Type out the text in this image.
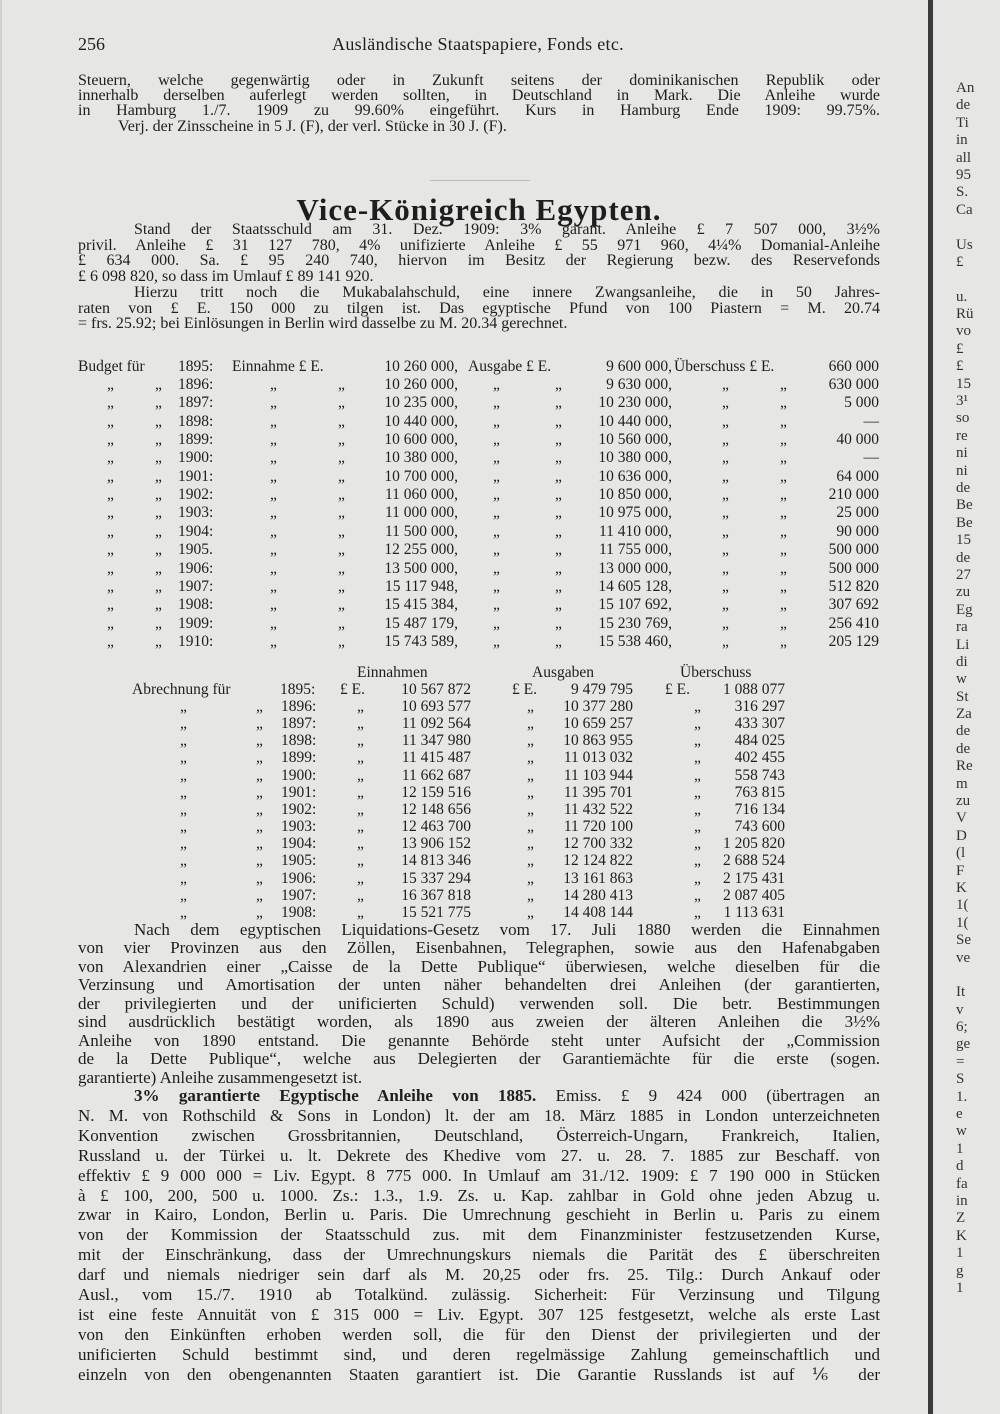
256	Ausländische Staatspapiere, Fonds etc.
Steuern, welche gegenwärtig oder in Zukunft seitens der dominikanischen Republik oder
innerhalb derselben auferlegt werden sollten, in Deutschland in Mark. Die Anleihe wurde
in Hamburg 1./7. 1909 zu 99.60% eingeführt. Kurs in Hamburg Ende 1909: 99.75%.
Verj. der Zinsscheine in 5 J. (F), der verl. Stücke in 30 J. (F).
Vice-Königreich Egypten.
Stand der Staatsschuld am 31. Dez. 1909: 3% garant. Anleihe £ 7 507 000, 3½%
privil. Anleihe £ 31 127 780, 4% unifizierte Anleihe £ 55 971 960, 4¼% Domanial-Anleihe
£ 634 000. Sa. £ 95 240 740, hiervon im Besitz der Regierung bezw. des Reservefonds
£ 6 098 820, so dass im Umlauf £ 89 141 920.
Hierzu tritt noch die Mukabalahschuld, eine innere Zwangsanleihe, die in 50 Jahres-
raten von £ E. 150 000 zu tilgen ist. Das egyptische Pfund von 100 Piastern = M. 20.74
= frs. 25.92; bei Einlösungen in Berlin wird dasselbe zu M. 20.34 gerechnet.
Budget für 1895: Einnahme £ E.	10 260 000, Ausgabe £ E.	9 600 000, Überschuss £ E.	660 000
„	„ 1896:	„	„	10 260 000, „	„	9 630 000,	„	„	630 000
„	„ 1897:	„	„	10 235 000, „	„ 10 230 000,	„	„	5 000
„	„ 1898:	„	„	10 440 000, „	„ 10 440 000,	„	„	—
„	„ 1899:	„	„	10 600 000, „	„ 10 560 000,	„	„	40 000
„	„ 1900:	„	„	10 380 000, „	„ 10 380 000,	„	„	—
„	„ 1901:	„	„	10 700 000, „	„ 10 636 000,	„	„	64 000
„	„ 1902:	„	„	11 060 000, „	„ 10 850 000,	„	„	210 000
„	„ 1903:	„	„	11 000 000, „	„ 10 975 000,	„	„	25 000
„	„ 1904:	„	„	11 500 000, „	„ 11 410 000,	„	„	90 000
„	„ 1905.	„	„	12 255 000, „	„ 11 755 000,	„	„	500 000
„	„ 1906:	„	„	13 500 000, „	„ 13 000 000,	„	„	500 000
„	„ 1907:	„	„	15 117 948, „	„ 14 605 128,	„	„	512 820
„	„ 1908:	„	„	15 415 384, „	„ 15 107 692,	„	„	307 692
„	„ 1909:	„	„	15 487 179, „	„ 15 230 769,	„	„	256 410
„	„ 1910:	„	„	15 743 589, „	„ 15 538 460,	„	„	205 129
Einnahmen	Ausgaben	Überschuss
Abrechnung für	1895: £ E. 10 567 872	£ E. 9 479 795 £ E. 1 088 077
„	„ 1896:	„ 10 693 577	„ 10 377 280	„ 316 297
„	„ 1897:	„ 11 092 564	„ 10 659 257	„ 433 307
„	„ 1898:	„ 11 347 980	„ 10 863 955	„ 484 025
„	„ 1899:	„ 11 415 487	„ 11 013 032	„ 402 455
„	„ 1900:	„ 11 662 687	„ 11 103 944	„ 558 743
„	„ 1901:	„ 12 159 516	„ 11 395 701	„ 763 815
„	„ 1902:	„ 12 148 656	„ 11 432 522	„ 716 134
„	„ 1903:	„ 12 463 700	„ 11 720 100	„ 743 600
„	„ 1904:	„ 13 906 152	„ 12 700 332	„ 1 205 820
„	„ 1905:	„ 14 813 346	„ 12 124 822	„ 2 688 524
„	„ 1906:	„ 15 337 294	„ 13 161 863	„ 2 175 431
„	„ 1907:	„ 16 367 818	„ 14 280 413	„ 2 087 405
„	„ 1908:	„ 15 521 775	„ 14 408 144	„ 1 113 631
Nach dem egyptischen Liquidations-Gesetz vom 17. Juli 1880 werden die Einnahmen
von vier Provinzen aus den Zöllen, Eisenbahnen, Telegraphen, sowie aus den Hafenabgaben
von Alexandrien einer „Caisse de la Dette Publique“ überwiesen, welche dieselben für die
Verzinsung und Amortisation der unten näher behandelten drei Anleihen (der garantierten,
der privilegierten und der unificierten Schuld) verwenden soll. Die betr. Bestimmungen
sind ausdrücklich bestätigt worden, als 1890 aus zweien der älteren Anleihen die 3½%
Anleihe von 1890 entstand. Die genannte Behörde steht unter Aufsicht der „Commission
de la Dette Publique“, welche aus Delegierten der Garantiemächte für die erste (sogen.
garantierte) Anleihe zusammengesetzt ist.
3% garantierte Egyptische Anleihe von 1885. Emiss. £ 9 424 000 (übertragen an
N. M. von Rothschild & Sons in London) lt. der am 18. März 1885 in London unterzeichneten
Konvention zwischen Grossbritannien, Deutschland, Österreich-Ungarn, Frankreich, Italien,
Russland u. der Türkei u. lt. Dekrete des Khedive vom 27. u. 28. 7. 1885 zur Beschaff. von
effektiv £ 9 000 000 = Liv. Egypt. 8 775 000. In Umlauf am 31./12. 1909: £ 7 190 000 in Stücken
à £ 100, 200, 500 u. 1000. Zs.: 1.3., 1.9. Zs. u. Kap. zahlbar in Gold ohne jeden Abzug u.
zwar in Kairo, London, Berlin u. Paris. Die Umrechnung geschieht in Berlin u. Paris zu einem
von der Kommission der Staatsschuld zus. mit dem Finanzminister festzusetzenden Kurse,
mit der Einschränkung, dass der Umrechnungskurs niemals die Parität des £ überschreiten
darf und niemals niedriger sein darf als M. 20,25 oder frs. 25. Tilg.: Durch Ankauf oder
Ausl., vom 15./7. 1910 ab Totalkünd. zulässig. Sicherheit: Für Verzinsung und Tilgung
ist eine feste Annuität von £ 315 000 = Liv. Egypt. 307 125 festgesetzt, welche als erste Last
von den Einkünften erhoben werden soll, die für den Dienst der privilegierten und der
unificierten Schuld bestimmt sind, und deren regelmässige Zahlung gemeinschaftlich und
einzeln von den obengenannten Staaten garantiert ist. Die Garantie Russlands ist auf ⅙ der
An
de
Ti
in
all
95
S.
Ca
Us
£
u.
Rü
vo
£
£
15
3¹
so
re
ni
ni
de
Be
Be
15
de
27
zu
Eg
ra
Li
di
w
St
Za
de
de
Re
m
zu
V
D
(l
F
K
1(
1(
Se
ve
It
v
6;
ge
=
S
1.
e
w
1
d
fa
in
Z
K
1
g
1
